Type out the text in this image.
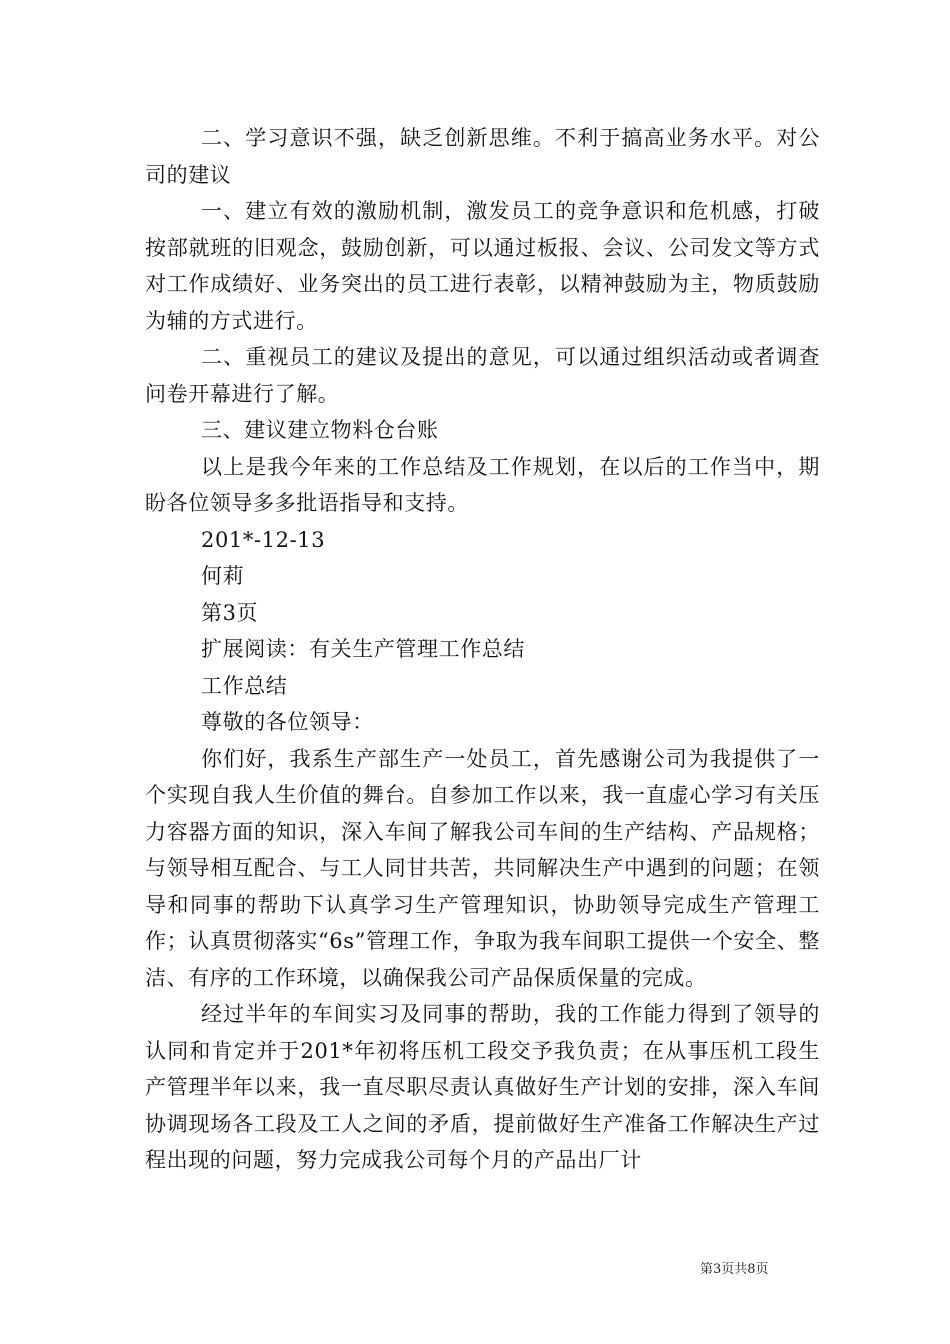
二、学习意识不强，缺乏创新思维。不利于搞高业务水平。对公司的建议

一、建立有效的激励机制，激发员工的竞争意识和危机感，打破按部就班的旧观念，鼓励创新，可以通过板报、会议、公司发文等方式对工作成绩好、业务突出的员工进行表彰，以精神鼓励为主，物质鼓励为辅的方式进行。

二、重视员工的建议及提出的意见，可以通过组织活动或者调查问卷开幕进行了解。

三、建议建立物料仓台账

以上是我今年来的工作总结及工作规划，在以后的工作当中，期盼各位领导多多批语指导和支持。

201*-12-13

何莉

第3页

扩展阅读：有关生产管理工作总结

工作总结

尊敬的各位领导：

你们好，我系生产部生产一处员工，首先感谢公司为我提供了一个实现自我人生价值的舞台。自参加工作以来，我一直虚心学习有关压力容器方面的知识，深入车间了解我公司车间的生产结构、产品规格；与领导相互配合、与工人同甘共苦，共同解决生产中遇到的问题；在领导和同事的帮助下认真学习生产管理知识，协助领导完成生产管理工作；认真贯彻落实“6s”管理工作，争取为我车间职工提供一个安全、整洁、有序的工作环境，以确保我公司产品保质保量的完成。

经过半年的车间实习及同事的帮助，我的工作能力得到了领导的认同和肯定并于201*年初将压机工段交予我负责；在从事压机工段生产管理半年以来，我一直尽职尽责认真做好生产计划的安排，深入车间协调现场各工段及工人之间的矛盾，提前做好生产准备工作解决生产过程出现的问题，努力完成我公司每个月的产品出厂计

第3页共8页
